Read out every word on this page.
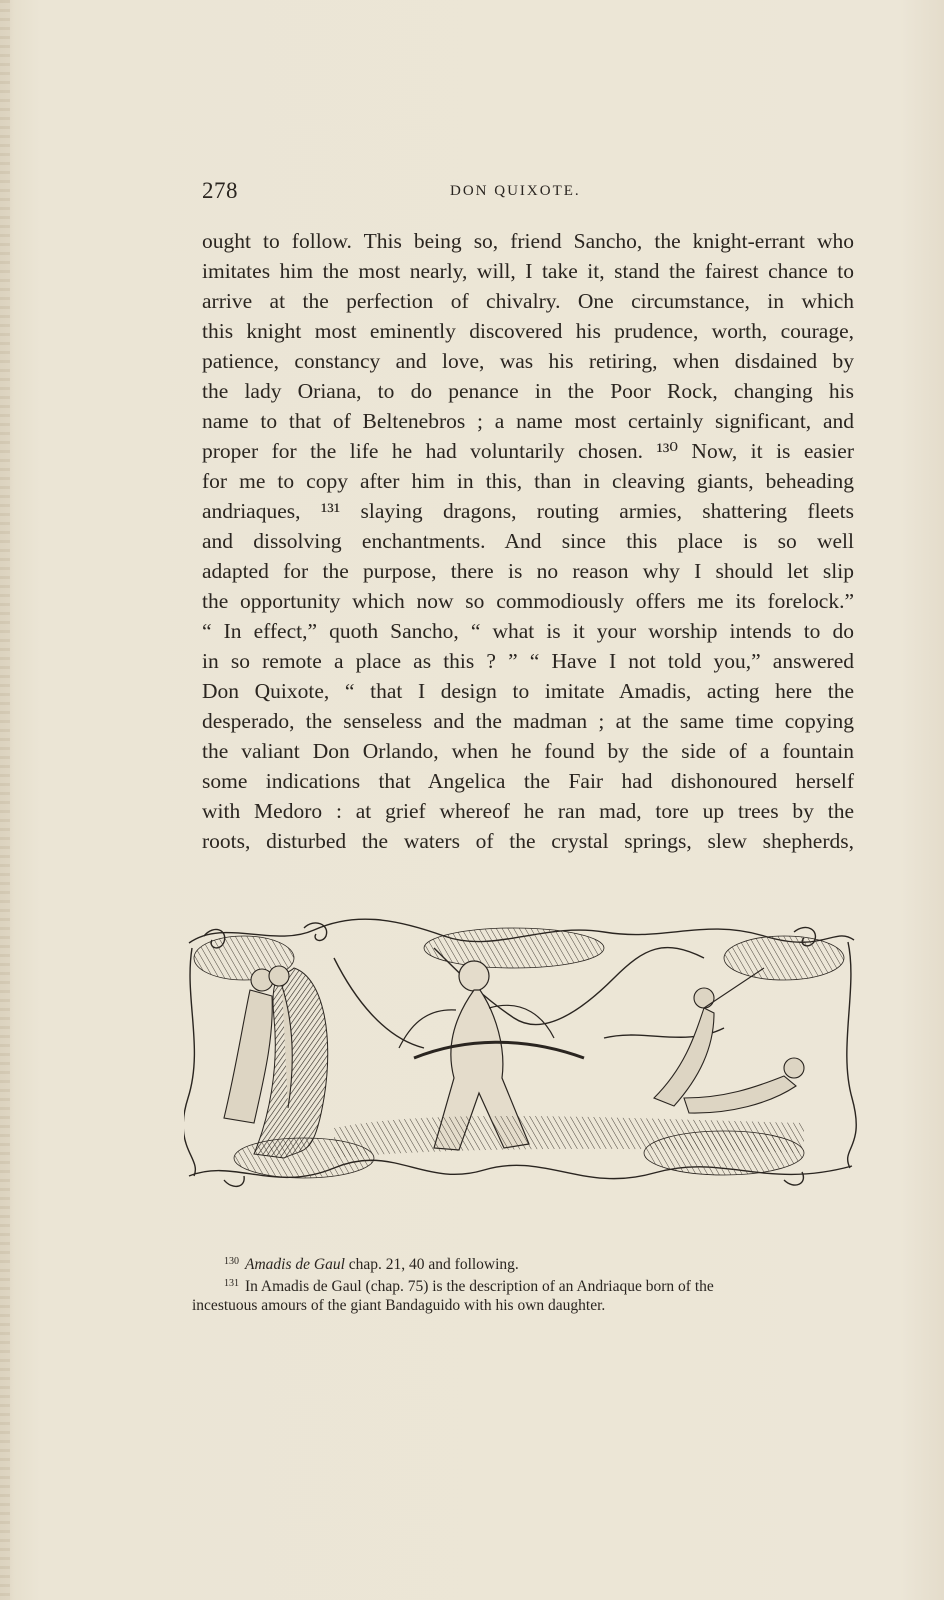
278	DON QUIXOTE.
ought to follow. This being so, friend Sancho, the knight-errant who
imitates him the most nearly, will, I take it, stand the fairest chance to
arrive at the perfection of chivalry. One circumstance, in which
this knight most eminently discovered his prudence, worth, courage,
patience, constancy and love, was his retiring, when disdained by
the lady Oriana, to do penance in the Poor Rock, changing his
name to that of Beltenebros ; a name most certainly significant, and
proper for the life he had voluntarily chosen. ¹³⁰ Now, it is easier
for me to copy after him in this, than in cleaving giants, beheading
andriaques, ¹³¹ slaying dragons, routing armies, shattering fleets
and dissolving enchantments. And since this place is so well
adapted for the purpose, there is no reason why I should let slip
the opportunity which now so commodiously offers me its forelock.”
“ In effect,” quoth Sancho, “ what is it your worship intends to do
in so remote a place as this ? ” “ Have I not told you,” answered
Don Quixote, “ that I design to imitate Amadis, acting here the
desperado, the senseless and the madman ; at the same time copying
the valiant Don Orlando, when he found by the side of a fountain
some indications that Angelica the Fair had dishonoured herself
with Medoro : at grief whereof he ran mad, tore up trees by the
roots, disturbed the waters of the crystal springs, slew shepherds,
$^{130}$ Amadis de Gaul chap. 21, 40 and following.
$^{131}$ In Amadis de Gaul (chap. 75) is the description of an Andriaque born of the
incestuous amours of the giant Bandaguido with his own daughter.
